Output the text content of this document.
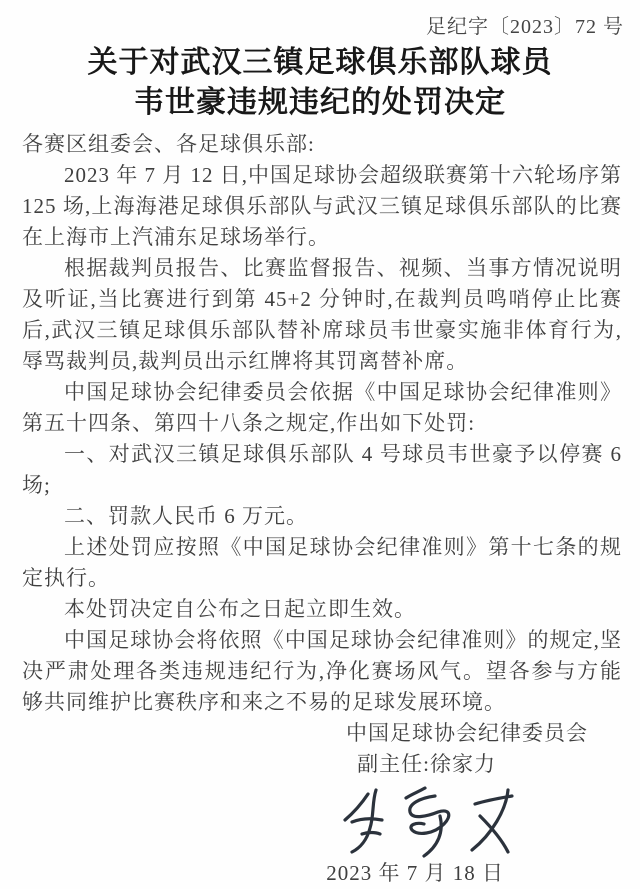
足纪字〔2023〕72 号
关于对武汉三镇足球俱乐部队球员
韦世豪违规违纪的处罚决定

各赛区组委会、各足球俱乐部:

2023 年 7 月 12 日,中国足球协会超级联赛第十六轮场序第 125 场,上海海港足球俱乐部队与武汉三镇足球俱乐部队的比赛在上海市上汽浦东足球场举行。

根据裁判员报告、比赛监督报告、视频、当事方情况说明及听证,当比赛进行到第 45+2 分钟时,在裁判员鸣哨停止比赛后,武汉三镇足球俱乐部队替补席球员韦世豪实施非体育行为,辱骂裁判员,裁判员出示红牌将其罚离替补席。

中国足球协会纪律委员会依据《中国足球协会纪律准则》第五十四条、第四十八条之规定,作出如下处罚:

一、对武汉三镇足球俱乐部队 4 号球员韦世豪予以停赛 6 场;

二、罚款人民币 6 万元。

上述处罚应按照《中国足球协会纪律准则》第十七条的规定执行。

本处罚决定自公布之日起立即生效。

中国足球协会将依照《中国足球协会纪律准则》的规定,坚决严肃处理各类违规违纪行为,净化赛场风气。望各参与方能够共同维护比赛秩序和来之不易的足球发展环境。

中国足球协会纪律委员会

副主任:徐家力

2023 年 7 月 18 日
